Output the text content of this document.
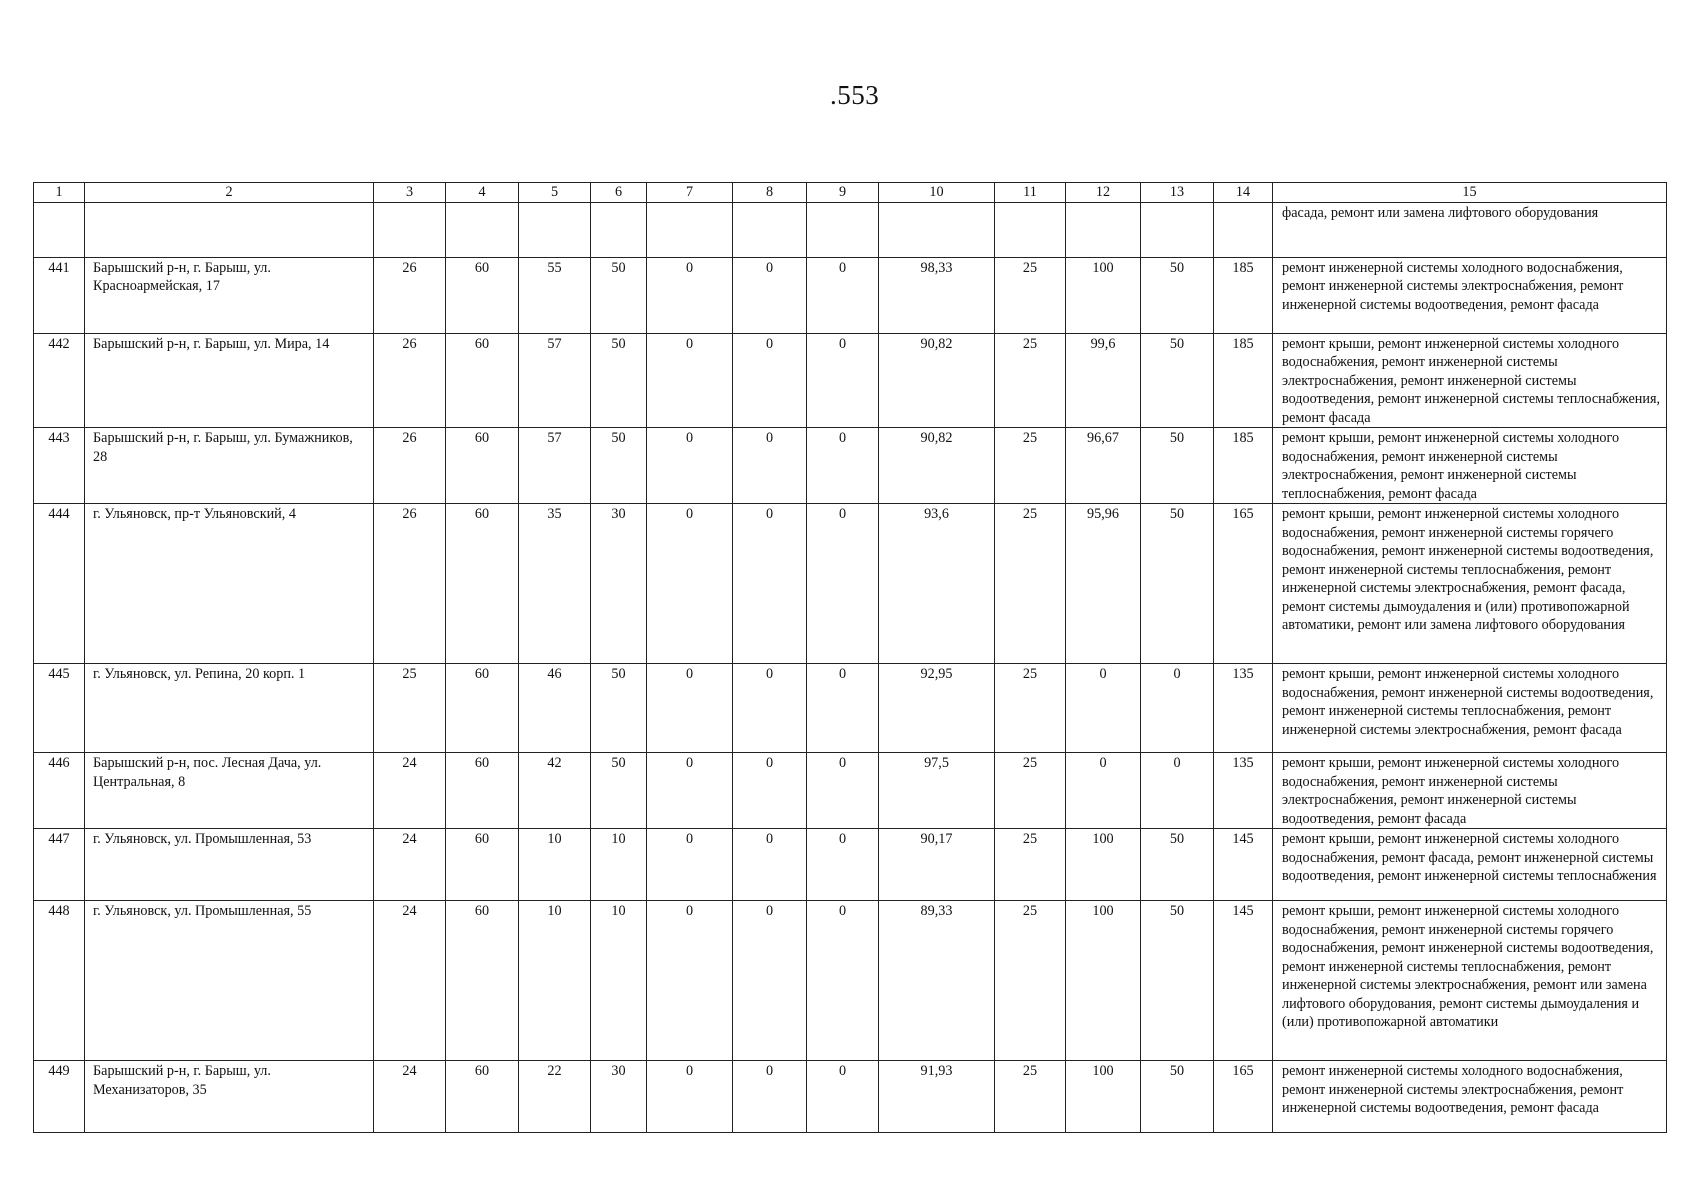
.553
1	2	3	4	5	6	7	8	9	10	11	12	13	14	15
														фасада, ремонт или замена лифтового оборудования
441	Барышский р-н, г. Барыш, ул. Красноармейская, 17	26	60	55	50	0	0	0	98,33	25	100	50	185	ремонт инженерной системы холодного водоснабжения, ремонт инженерной системы электроснабжения, ремонт инженерной системы водоотведения, ремонт фасада
442	Барышский р-н, г. Барыш, ул. Мира, 14	26	60	57	50	0	0	0	90,82	25	99,6	50	185	ремонт крыши, ремонт инженерной системы холодного водоснабжения, ремонт инженерной системы электроснабжения, ремонт инженерной системы водоотведения, ремонт инженерной системы теплоснабжения, ремонт фасада
443	Барышский р-н, г. Барыш, ул. Бумажников, 28	26	60	57	50	0	0	0	90,82	25	96,67	50	185	ремонт крыши, ремонт инженерной системы холодного водоснабжения, ремонт инженерной системы электроснабжения, ремонт инженерной системы теплоснабжения, ремонт фасада
444	г. Ульяновск, пр-т Ульяновский, 4	26	60	35	30	0	0	0	93,6	25	95,96	50	165	ремонт крыши, ремонт инженерной системы холодного водоснабжения, ремонт инженерной системы горячего водоснабжения, ремонт инженерной системы водоотведения, ремонт инженерной системы теплоснабжения, ремонт инженерной системы электроснабжения, ремонт фасада, ремонт системы дымоудаления и (или) противопожарной автоматики, ремонт или замена лифтового оборудования
445	г. Ульяновск, ул. Репина, 20 корп. 1	25	60	46	50	0	0	0	92,95	25	0	0	135	ремонт крыши, ремонт инженерной системы холодного водоснабжения, ремонт инженерной системы водоотведения, ремонт инженерной системы теплоснабжения, ремонт инженерной системы электроснабжения, ремонт фасада
446	Барышский р-н, пос. Лесная Дача, ул. Центральная, 8	24	60	42	50	0	0	0	97,5	25	0	0	135	ремонт крыши, ремонт инженерной системы холодного водоснабжения, ремонт инженерной системы электроснабжения, ремонт инженерной системы водоотведения, ремонт фасада
447	г. Ульяновск, ул. Промышленная, 53	24	60	10	10	0	0	0	90,17	25	100	50	145	ремонт крыши, ремонт инженерной системы холодного водоснабжения, ремонт фасада, ремонт инженерной системы водоотведения, ремонт инженерной системы теплоснабжения
448	г. Ульяновск, ул. Промышленная, 55	24	60	10	10	0	0	0	89,33	25	100	50	145	ремонт крыши, ремонт инженерной системы холодного водоснабжения, ремонт инженерной системы горячего водоснабжения, ремонт инженерной системы водоотведения, ремонт инженерной системы теплоснабжения, ремонт инженерной системы электроснабжения, ремонт или замена лифтового оборудования, ремонт системы дымоудаления и (или) противопожарной автоматики
449	Барышский р-н, г. Барыш, ул. Механизаторов, 35	24	60	22	30	0	0	0	91,93	25	100	50	165	ремонт инженерной системы холодного водоснабжения, ремонт инженерной системы электроснабжения, ремонт инженерной системы водоотведения, ремонт фасада
